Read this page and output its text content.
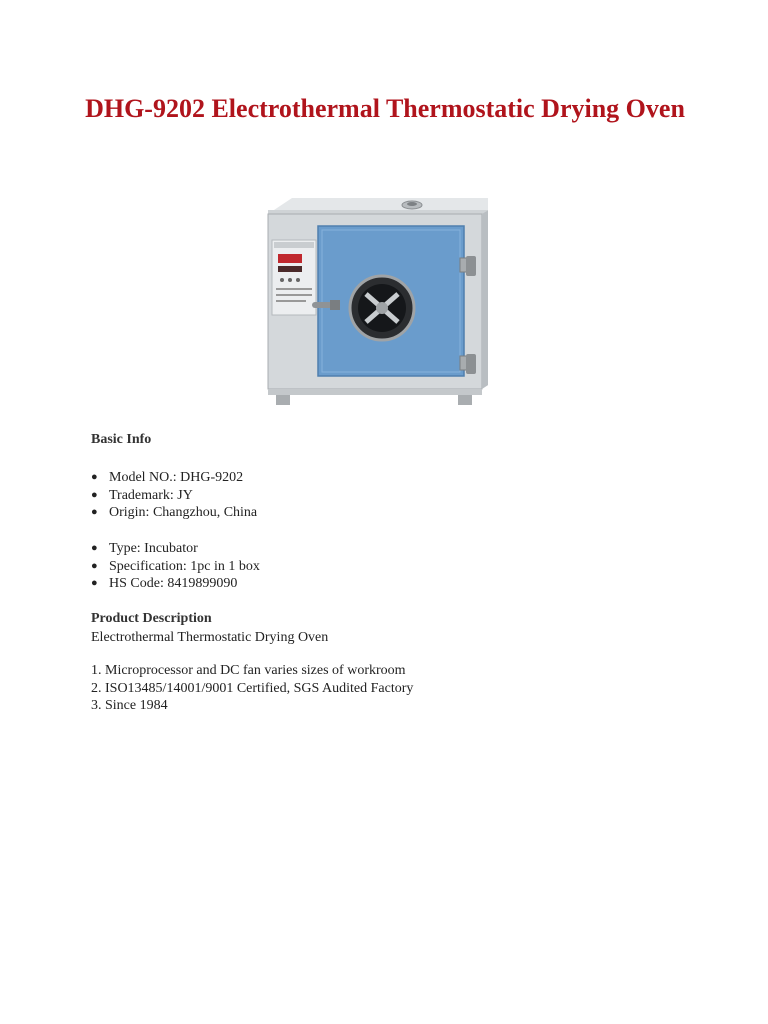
DHG-9202 Electrothermal Thermostatic Drying Oven
Basic Info
● Model NO.: DHG-9202
● Trademark: JY
● Origin: Changzhou, China
● Type: Incubator
● Specification: 1pc in 1 box
● HS Code: 8419899090
Product Description

Electrothermal Thermostatic Drying Oven

1. Microprocessor and DC fan varies sizes of workroom

2. ISO13485/14001/9001 Certified, SGS Audited Factory

3. Since 1984
